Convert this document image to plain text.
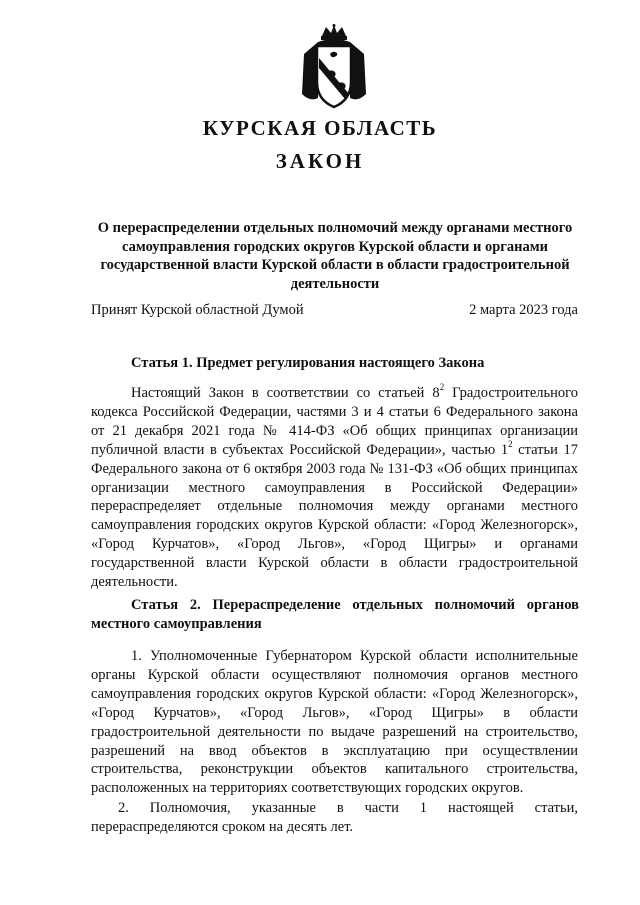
КУРСКАЯ ОБЛАСТЬ
ЗАКОН

О перераспределении отдельных полномочий между органами местного самоуправления городских округов Курской области и органами государственной власти Курской области в области градостроительной деятельности

Принят Курской областной Думой	2 марта 2023 года

Статья 1. Предмет регулирования настоящего Закона

Настоящий Закон в соответствии со статьей $8^2$ Градостроительного кодекса Российской Федерации, частями 3 и 4 статьи 6 Федерального закона от 21 декабря 2021 года № 414-ФЗ «Об общих принципах организации публичной власти в субъектах Российской Федерации», частью $1^2$ статьи 17 Федерального закона от 6 октября 2003 года № 131-ФЗ «Об общих принципах организации местного самоуправления в Российской Федерации» перераспределяет отдельные полномочия между органами местного самоуправления городских округов Курской области: «Город Железногорск», «Город Курчатов», «Город Льгов», «Город Щигры» и органами государственной власти Курской области в области градостроительной деятельности.

Статья 2. Перераспределение отдельных полномочий органов местного самоуправления

1. Уполномоченные Губернатором Курской области исполнительные органы Курской области осуществляют полномочия органов местного самоуправления городских округов Курской области: «Город Железногорск», «Город Курчатов», «Город Льгов», «Город Щигры» в области градостроительной деятельности по выдаче разрешений на строительство, разрешений на ввод объектов в эксплуатацию при осуществлении строительства, реконструкции объектов капитального строительства, расположенных на территориях соответствующих городских округов.

2. Полномочия, указанные в части 1 настоящей статьи, перераспределяются сроком на десять лет.
